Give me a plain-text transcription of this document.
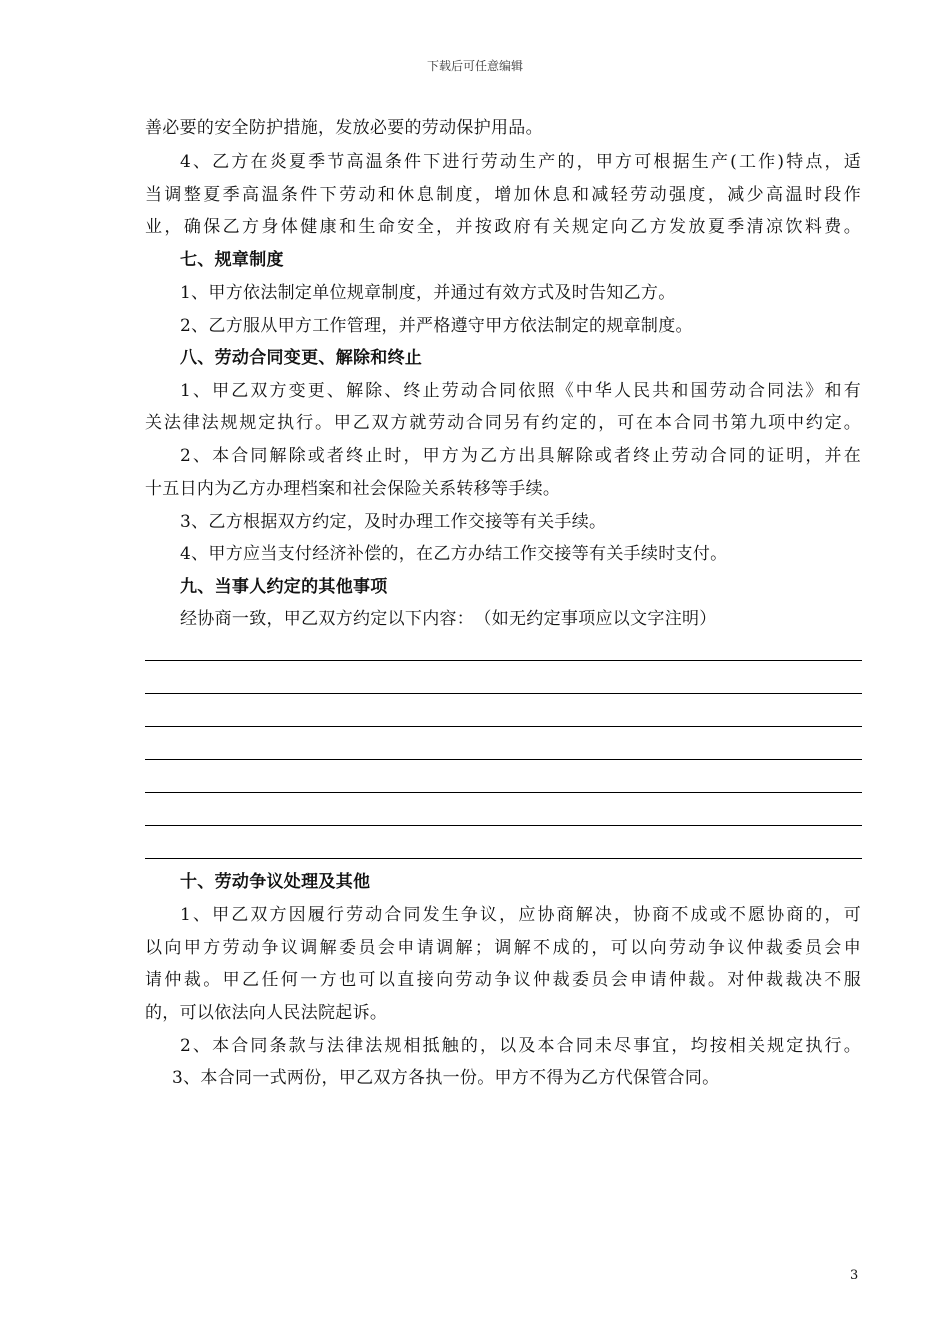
下载后可任意编辑
善必要的安全防护措施，发放必要的劳动保护用品。
4、乙方在炎夏季节高温条件下进行劳动生产的，甲方可根据生产(工作)特点，适
当调整夏季高温条件下劳动和休息制度，增加休息和减轻劳动强度，减少高温时段作
业，确保乙方身体健康和生命安全，并按政府有关规定向乙方发放夏季清凉饮料费。
七、规章制度
1、甲方依法制定单位规章制度，并通过有效方式及时告知乙方。
2、乙方服从甲方工作管理，并严格遵守甲方依法制定的规章制度。
八、劳动合同变更、解除和终止
1、甲乙双方变更、解除、终止劳动合同依照《中华人民共和国劳动合同法》和有
关法律法规规定执行。甲乙双方就劳动合同另有约定的，可在本合同书第九项中约定。
2、本合同解除或者终止时，甲方为乙方出具解除或者终止劳动合同的证明，并在
十五日内为乙方办理档案和社会保险关系转移等手续。
3、乙方根据双方约定，及时办理工作交接等有关手续。
4、甲方应当支付经济补偿的，在乙方办结工作交接等有关手续时支付。
九、当事人约定的其他事项
经协商一致，甲乙双方约定以下内容：　（如无约定事项应以文字注明）
十、劳动争议处理及其他
1、甲乙双方因履行劳动合同发生争议，应协商解决，协商不成或不愿协商的，可
以向甲方劳动争议调解委员会申请调解；调解不成的，可以向劳动争议仲裁委员会申
请仲裁。甲乙任何一方也可以直接向劳动争议仲裁委员会申请仲裁。对仲裁裁决不服
的，可以依法向人民法院起诉。
2、本合同条款与法律法规相抵触的，以及本合同未尽事宜，均按相关规定执行。
3、本合同一式两份，甲乙双方各执一份。甲方不得为乙方代保管合同。
3
